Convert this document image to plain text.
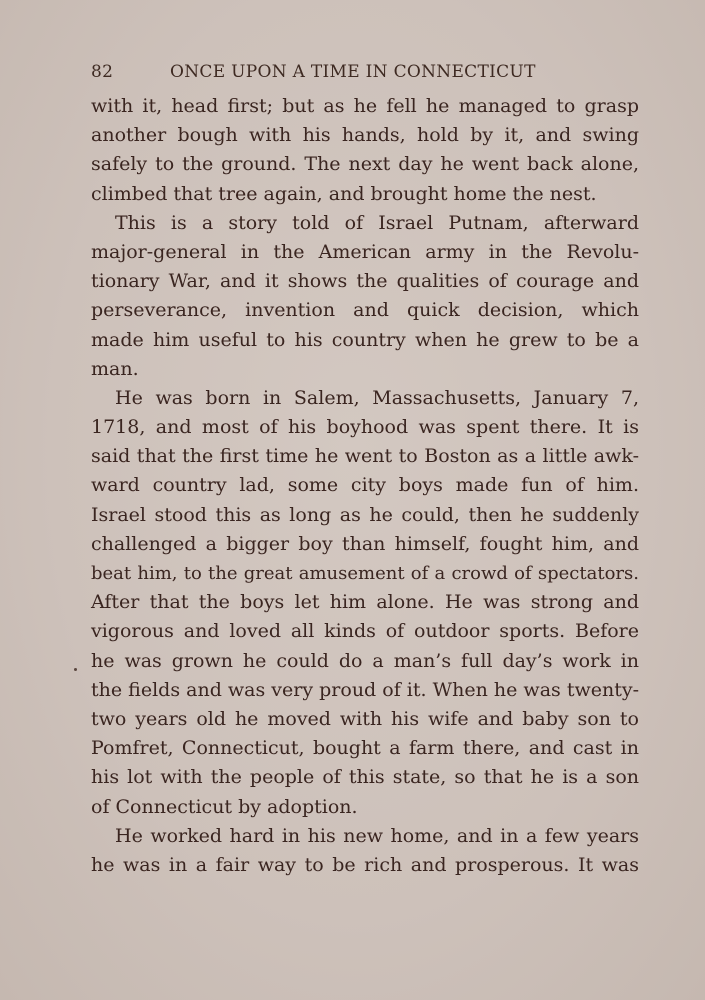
82	ONCE UPON A TIME IN CONNECTICUT
with it, head first; but as he fell he managed to grasp
another bough with his hands, hold by it, and swing
safely to the ground. The next day he went back alone,
climbed that tree again, and brought home the nest.
This is a story told of Israel Putnam, afterward
major-general in the American army in the Revolu-
tionary War, and it shows the qualities of courage and
perseverance, invention and quick decision, which
made him useful to his country when he grew to be a
man.
He was born in Salem, Massachusetts, January 7,
1718, and most of his boyhood was spent there. It is
said that the first time he went to Boston as a little awk-
ward country lad, some city boys made fun of him.
Israel stood this as long as he could, then he suddenly
challenged a bigger boy than himself, fought him, and
beat him, to the great amusement of a crowd of spectators.
After that the boys let him alone. He was strong and
vigorous and loved all kinds of outdoor sports. Before
he was grown he could do a man’s full day’s work in
the fields and was very proud of it. When he was twenty-
two years old he moved with his wife and baby son to
Pomfret, Connecticut, bought a farm there, and cast in
his lot with the people of this state, so that he is a son
of Connecticut by adoption.
He worked hard in his new home, and in a few years
he was in a fair way to be rich and prosperous. It was
